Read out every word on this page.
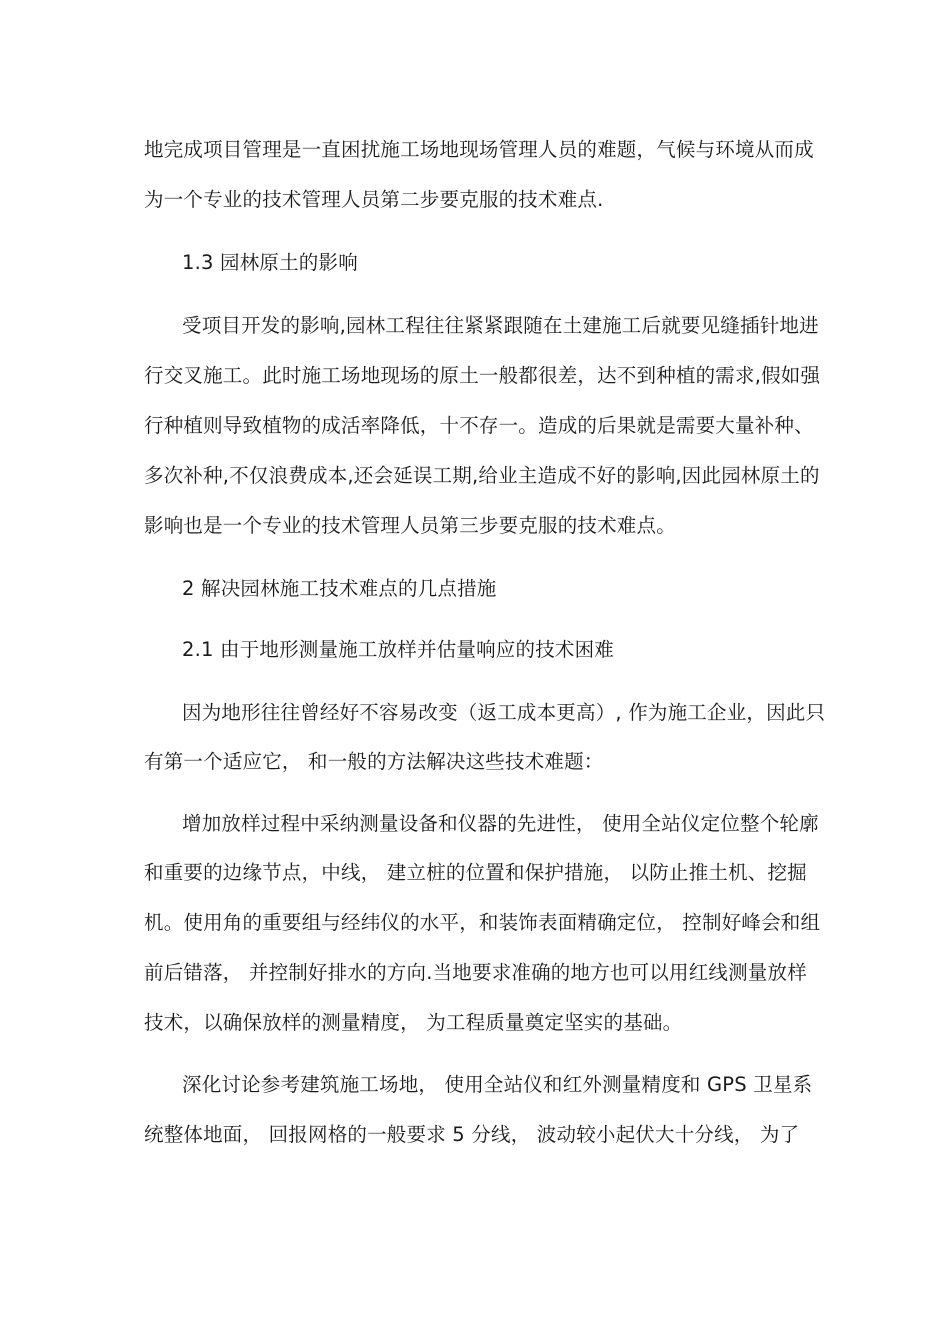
地完成项目管理是一直困扰施工场地现场管理人员的难题，气候与环境从而成
为一个专业的技术管理人员第二步要克服的技术难点.
1.3 园林原土的影响
受项目开发的影响,园林工程往往紧紧跟随在土建施工后就要见缝插针地进
行交叉施工。此时施工场地现场的原土一般都很差，达不到种植的需求,假如强
行种植则导致植物的成活率降低，十不存一。造成的后果就是需要大量补种、
多次补种,不仅浪费成本,还会延误工期,给业主造成不好的影响,因此园林原土的
影响也是一个专业的技术管理人员第三步要克服的技术难点。
2 解决园林施工技术难点的几点措施
2.1 由于地形测量施工放样并估量响应的技术困难
因为地形往往曾经好不容易改变（返工成本更高）, 作为施工企业，因此只
有第一个适应它， 和一般的方法解决这些技术难题：
增加放样过程中采纳测量设备和仪器的先进性， 使用全站仪定位整个轮廓
和重要的边缘节点，中线， 建立桩的位置和保护措施， 以防止推土机、挖掘
机。使用角的重要组与经纬仪的水平，和装饰表面精确定位， 控制好峰会和组
前后错落， 并控制好排水的方向.当地要求准确的地方也可以用红线测量放样
技术，以确保放样的测量精度， 为工程质量奠定坚实的基础。
深化讨论参考建筑施工场地， 使用全站仪和红外测量精度和 GPS 卫星系
统整体地面， 回报网格的一般要求 5 分线， 波动较小起伏大十分线， 为了
